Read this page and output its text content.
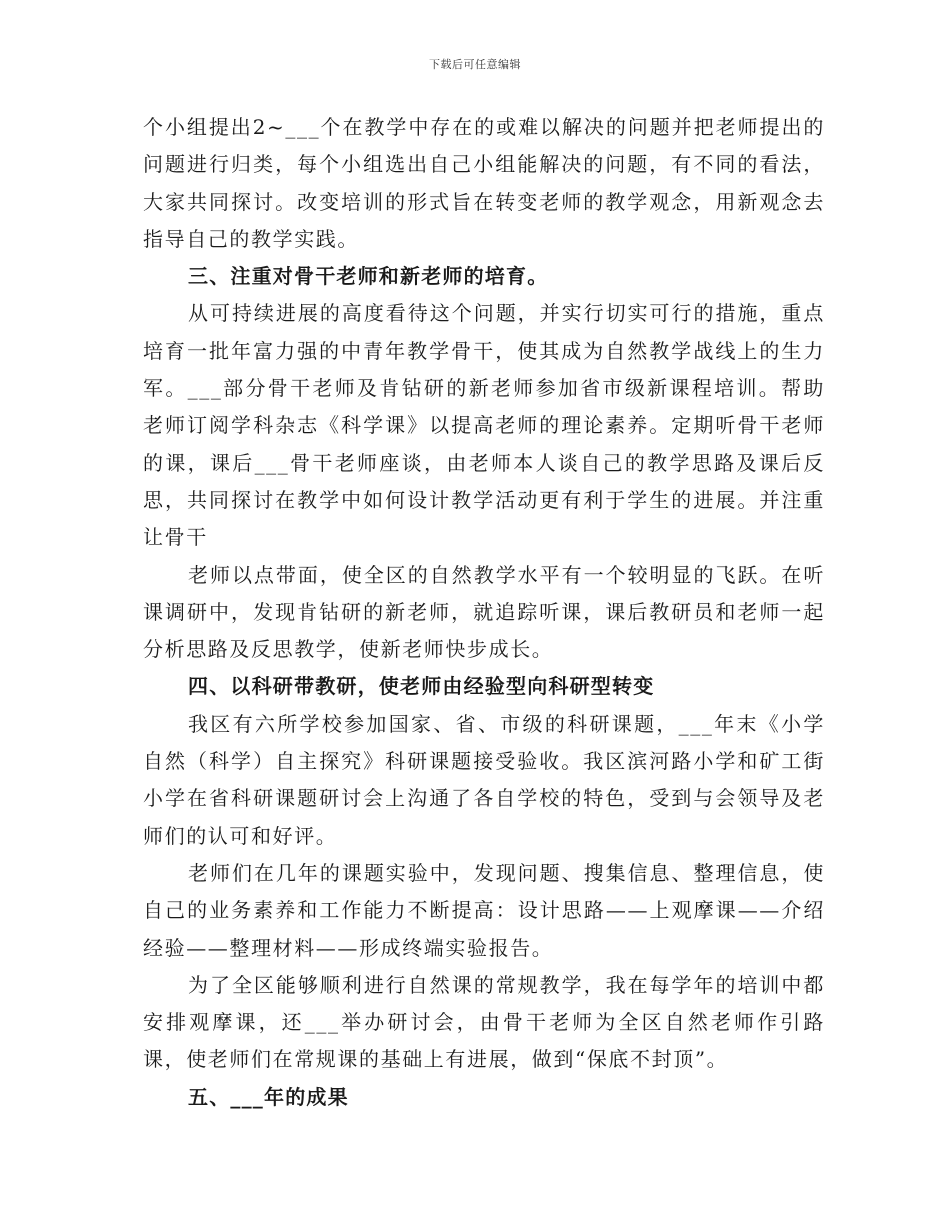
下载后可任意编辑

个小组提出2~___个在教学中存在的或难以解决的问题并把老师提出的问题进行归类，每个小组选出自己小组能解决的问题，有不同的看法，大家共同探讨。改变培训的形式旨在转变老师的教学观念，用新观念去指导自己的教学实践。

三、注重对骨干老师和新老师的培育。

从可持续进展的高度看待这个问题，并实行切实可行的措施，重点培育一批年富力强的中青年教学骨干，使其成为自然教学战线上的生力军。___部分骨干老师及肯钻研的新老师参加省市级新课程培训。帮助老师订阅学科杂志《科学课》以提高老师的理论素养。定期听骨干老师的课，课后___骨干老师座谈，由老师本人谈自己的教学思路及课后反思，共同探讨在教学中如何设计教学活动更有利于学生的进展。并注重让骨干

老师以点带面，使全区的自然教学水平有一个较明显的飞跃。在听课调研中，发现肯钻研的新老师，就追踪听课，课后教研员和老师一起分析思路及反思教学，使新老师快步成长。

四、以科研带教研，使老师由经验型向科研型转变

我区有六所学校参加国家、省、市级的科研课题，___年末《小学自然（科学）自主探究》科研课题接受验收。我区滨河路小学和矿工街小学在省科研课题研讨会上沟通了各自学校的特色，受到与会领导及老师们的认可和好评。

老师们在几年的课题实验中，发现问题、搜集信息、整理信息，使自己的业务素养和工作能力不断提高：设计思路——上观摩课——介绍经验——整理材料——形成终端实验报告。

为了全区能够顺利进行自然课的常规教学，我在每学年的培训中都安排观摩课，还___举办研讨会，由骨干老师为全区自然老师作引路课，使老师们在常规课的基础上有进展，做到“保底不封顶”。

五、___年的成果
